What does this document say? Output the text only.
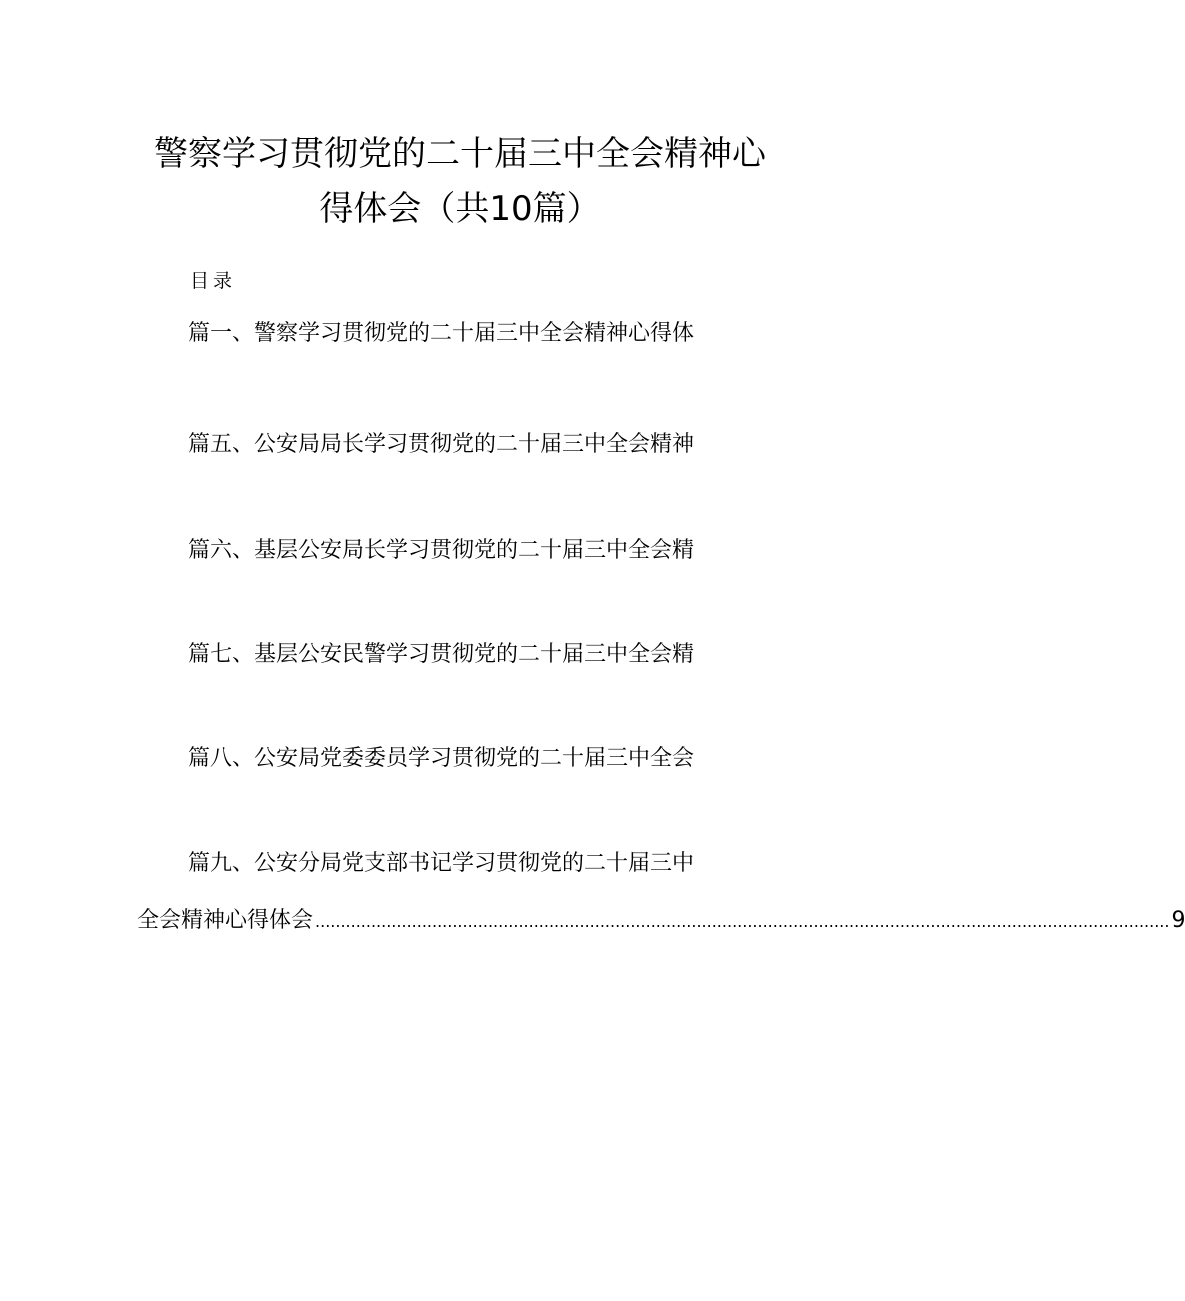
警察学习贯彻党的二十届三中全会精神心
得体会（共10篇）
目录
篇一、警察学习贯彻党的二十届三中全会精神心得体
篇五、公安局局长学习贯彻党的二十届三中全会精神
篇六、基层公安局长学习贯彻党的二十届三中全会精
篇七、基层公安民警学习贯彻党的二十届三中全会精
篇八、公安局党委委员学习贯彻党的二十届三中全会
篇九、公安分局党支部书记学习贯彻党的二十届三中
全会精神心得体会 ........................................................................................................................................................................ 9
